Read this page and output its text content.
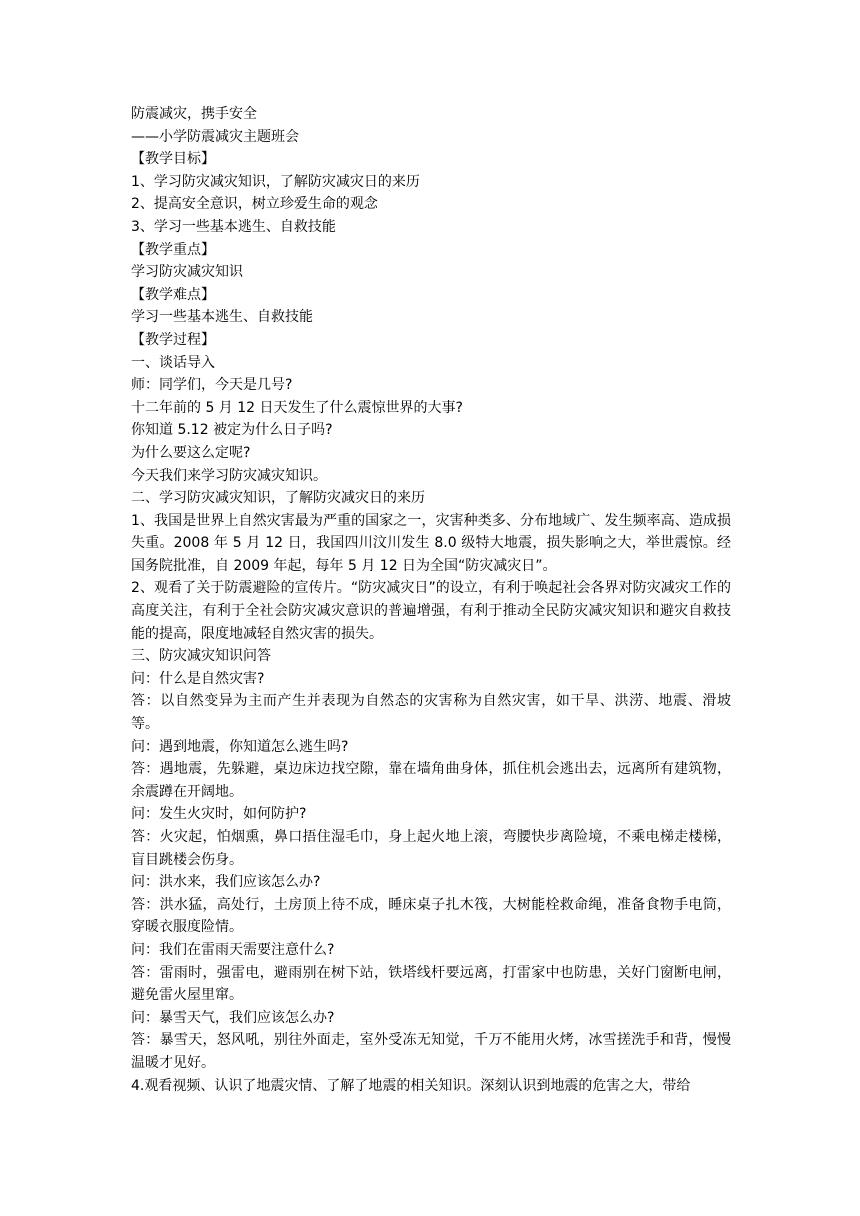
防震减灾，携手安全

——小学防震减灾主题班会

【教学目标】

1、学习防灾减灾知识，了解防灾减灾日的来历

2、提高安全意识，树立珍爱生命的观念

3、学习一些基本逃生、自救技能

【教学重点】

学习防灾减灾知识

【教学难点】

学习一些基本逃生、自救技能

【教学过程】

一、谈话导入

师：同学们，今天是几号?

十二年前的 5 月 12 日天发生了什么震惊世界的大事?

你知道 5.12 被定为什么日子吗?

为什么要这么定呢?

今天我们来学习防灾减灾知识。

二、学习防灾减灾知识，了解防灾减灾日的来历

1、我国是世界上自然灾害最为严重的国家之一，灾害种类多、分布地域广、发生频率高、造成损失重。2008 年 5 月 12 日，我国四川汶川发生 8.0 级特大地震，损失影响之大，举世震惊。经国务院批准，自 2009 年起，每年 5 月 12 日为全国“防灾减灾日”。

2、观看了关于防震避险的宣传片。“防灾减灾日”的设立，有利于唤起社会各界对防灾减灾工作的高度关注，有利于全社会防灾减灾意识的普遍增强，有利于推动全民防灾减灾知识和避灾自救技能的提高，限度地减轻自然灾害的损失。

三、防灾减灾知识问答

问：什么是自然灾害?

答：以自然变异为主而产生并表现为自然态的灾害称为自然灾害，如干旱、洪涝、地震、滑坡等。

问：遇到地震，你知道怎么逃生吗?

答：遇地震，先躲避，桌边床边找空隙，靠在墙角曲身体，抓住机会逃出去，远离所有建筑物，余震蹲在开阔地。

问：发生火灾时，如何防护?

答：火灾起，怕烟熏，鼻口捂住湿毛巾，身上起火地上滚，弯腰快步离险境，不乘电梯走楼梯，盲目跳楼会伤身。

问：洪水来，我们应该怎么办?

答：洪水猛，高处行，土房顶上待不成，睡床桌子扎木筏，大树能栓救命绳，准备食物手电筒，穿暖衣服度险情。

问：我们在雷雨天需要注意什么?

答：雷雨时，强雷电，避雨别在树下站，铁塔线杆要远离，打雷家中也防患，关好门窗断电闸，避免雷火屋里窜。

问：暴雪天气，我们应该怎么办?

答：暴雪天，怒风吼，别往外面走，室外受冻无知觉，千万不能用火烤，冰雪搓洗手和背，慢慢温暖才见好。

4.观看视频、认识了地震灾情、了解了地震的相关知识。深刻认识到地震的危害之大，带给
